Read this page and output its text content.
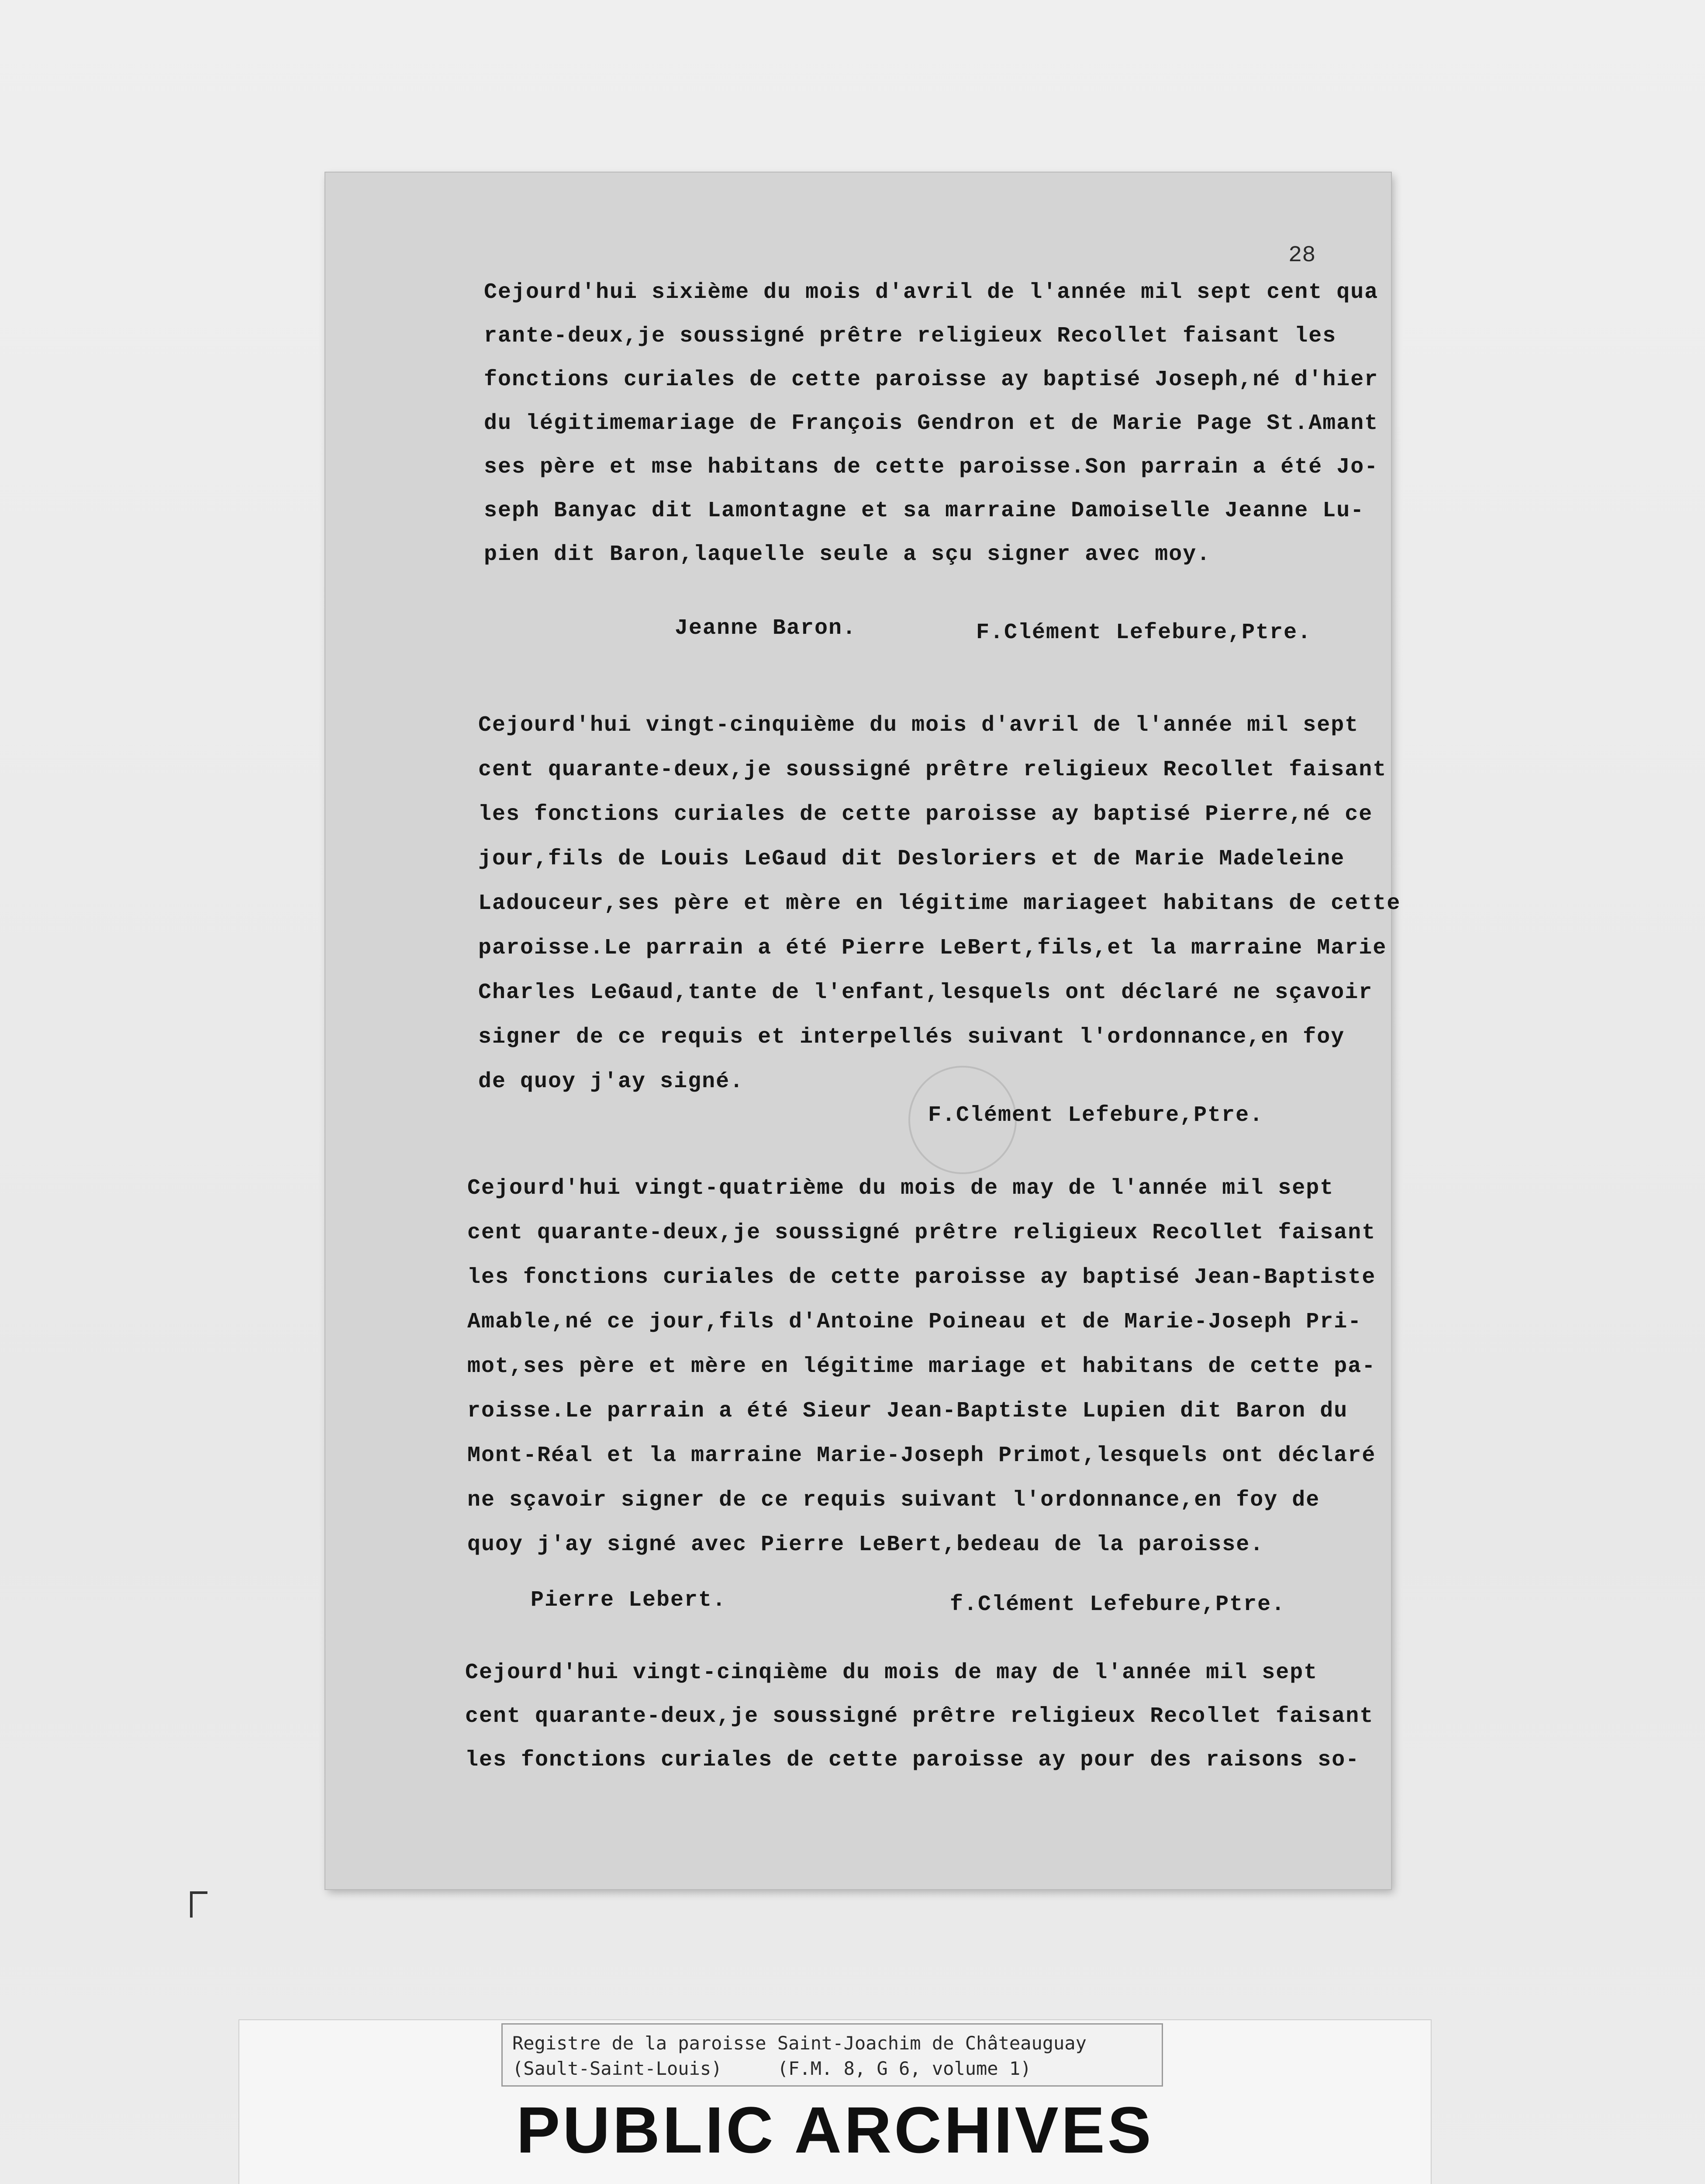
28
Cejourd'hui sixième du mois d'avril de l'année mil sept cent qua
rante-deux,je soussigné prêtre religieux Recollet faisant les
fonctions curiales de cette paroisse ay baptisé Joseph,né d'hier
du légitimemariage de François Gendron et de Marie Page St.Amant
ses père et mse habitans de cette paroisse.Son parrain a été Jo-
seph Banyac dit Lamontagne et sa marraine Damoiselle Jeanne Lu-
pien dit Baron,laquelle seule a sçu signer avec moy.
Jeanne Baron.	F.Clément Lefebure,Ptre.
Cejourd'hui vingt-cinquième du mois d'avril de l'année mil sept
cent quarante-deux,je soussigné prêtre religieux Recollet faisant
les fonctions curiales de cette paroisse ay baptisé Pierre,né ce
jour,fils de Louis LeGaud dit Desloriers et de Marie Madeleine
Ladouceur,ses père et mère en légitime mariageet habitans de cette
paroisse.Le parrain a été Pierre LeBert,fils,et la marraine Marie
Charles LeGaud,tante de l'enfant,lesquels ont déclaré ne sçavoir
signer de ce requis et interpellés suivant l'ordonnance,en foy
de quoy j'ay signé.
F.Clément Lefebure,Ptre.
Cejourd'hui vingt-quatrième du mois de may de l'année mil sept
cent quarante-deux,je soussigné prêtre religieux Recollet faisant
les fonctions curiales de cette paroisse ay baptisé Jean-Baptiste
Amable,né ce jour,fils d'Antoine Poineau et de Marie-Joseph Pri-
mot,ses père et mère en légitime mariage et habitans de cette pa-
roisse.Le parrain a été Sieur Jean-Baptiste Lupien dit Baron du
Mont-Réal et la marraine Marie-Joseph Primot,lesquels ont déclaré
ne sçavoir signer de ce requis suivant l'ordonnance,en foy de
quoy j'ay signé avec Pierre LeBert,bedeau de la paroisse.
Pierre Lebert.	f.Clément Lefebure,Ptre.
Cejourd'hui vingt-cinqième du mois de may de l'année mil sept
cent quarante-deux,je soussigné prêtre religieux Recollet faisant
les fonctions curiales de cette paroisse ay pour des raisons so-
Registre de la paroisse Saint-Joachim de Châteauguay
(Sault-Saint-Louis)     (F.M. 8, G 6, volume 1)
PUBLIC ARCHIVES
